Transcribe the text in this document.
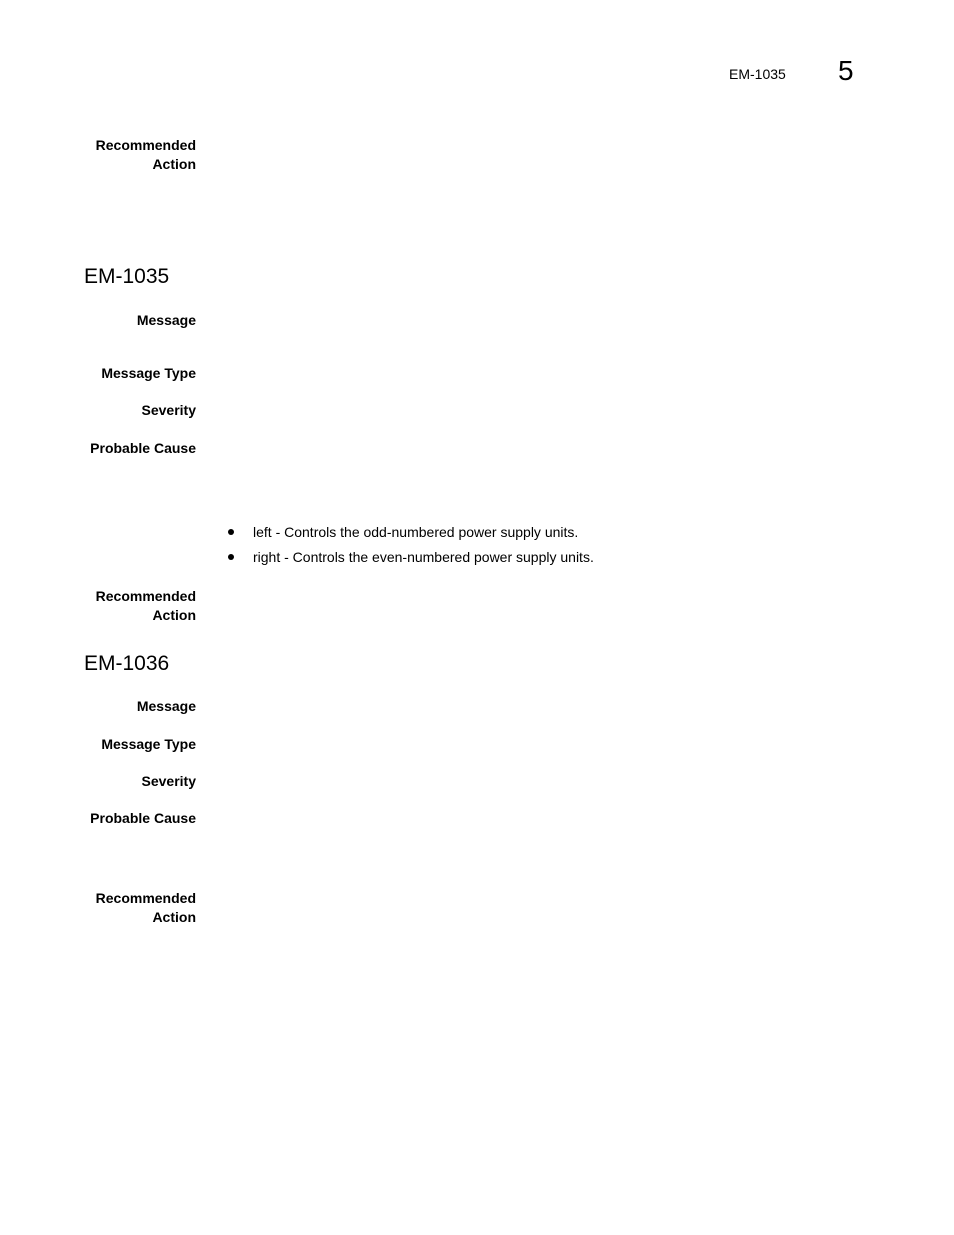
EM-1035 5
Recommended
Action
EM-1035
Message
Message Type
Severity
Probable Cause
left - Controls the odd-numbered power supply units.
right - Controls the even-numbered power supply units.
Recommended
Action
EM-1036
Message
Message Type
Severity
Probable Cause
Recommended
Action
